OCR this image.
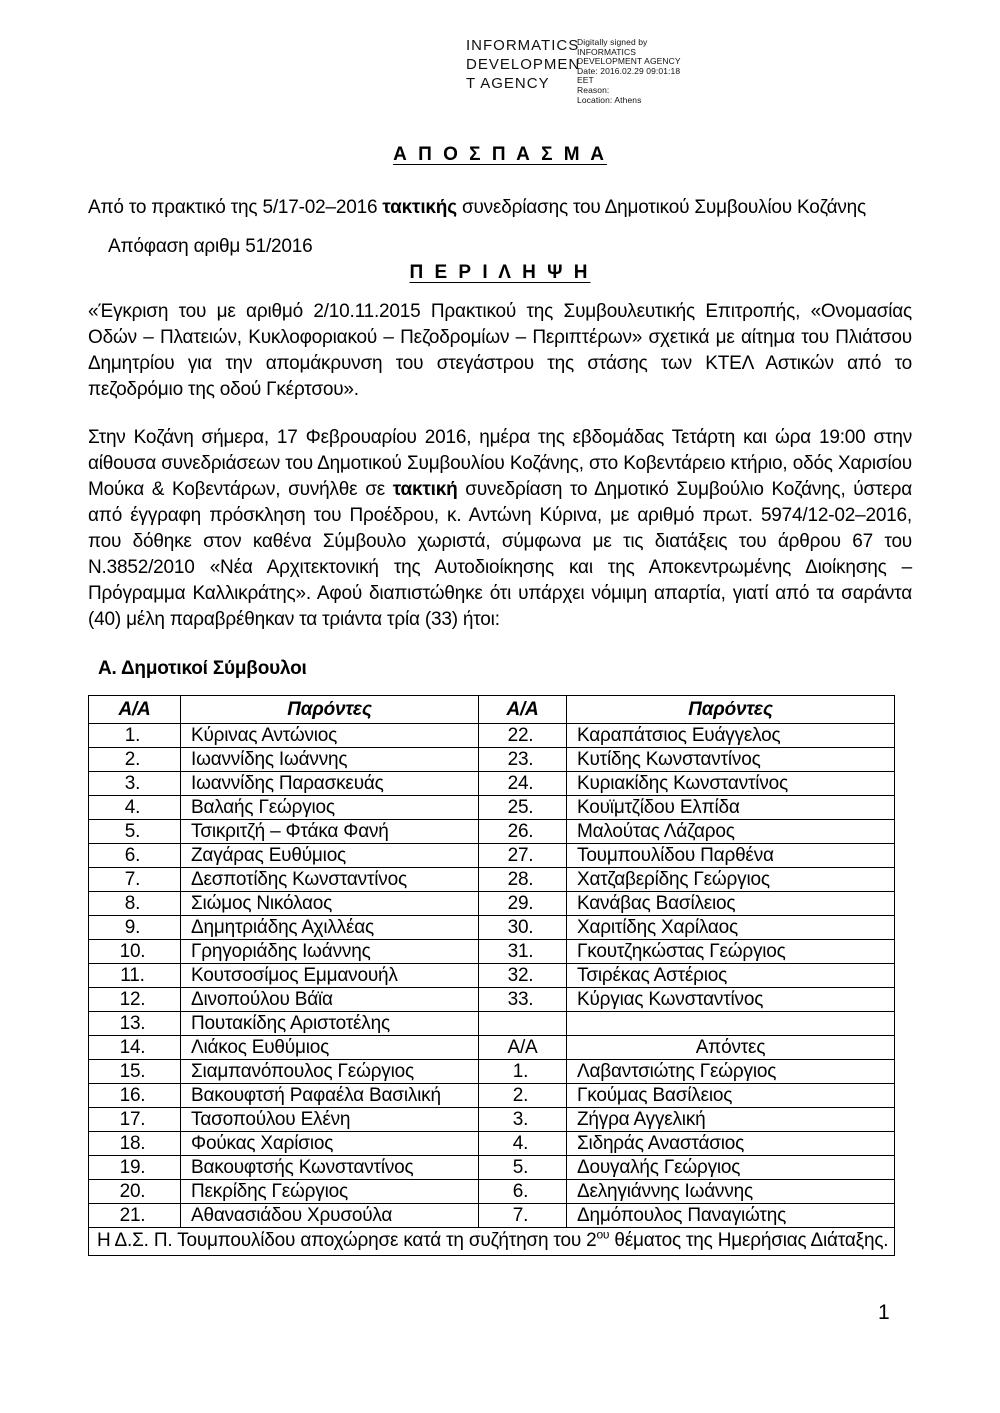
INFORMATICS
DEVELOPMEN
T AGENCY
Digitally signed by
INFORMATICS
DEVELOPMENT AGENCY
Date: 2016.02.29 09:01:18
EET
Reason:
Location: Athens
Α Π Ο Σ Π Α Σ Μ Α

Από το πρακτικό της 5/17-02–2016 τακτικής συνεδρίασης του Δημοτικού Συμβουλίου Κοζάνης

Απόφαση αριθμ 51/2016

Π Ε Ρ Ι Λ Η Ψ Η

«Έγκριση του με αριθμό 2/10.11.2015 Πρακτικού της Συμβουλευτικής Επιτροπής, «Ονομασίας Οδών – Πλατειών, Κυκλοφοριακού – Πεζοδρομίων – Περιπτέρων» σχετικά με αίτημα του Πλιάτσου Δημητρίου για την απομάκρυνση του στεγάστρου της στάσης των ΚΤΕΛ Αστικών από το πεζοδρόμιο της οδού Γκέρτσου».

Στην Κοζάνη σήμερα, 17 Φεβρουαρίου 2016, ημέρα της εβδομάδας Τετάρτη και ώρα 19:00 στην αίθουσα συνεδριάσεων του Δημοτικού Συμβουλίου Κοζάνης, στο Κοβεντάρειο κτήριο, οδός Χαρισίου Μούκα & Κοβεντάρων, συνήλθε σε τακτική συνεδρίαση το Δημοτικό Συμβούλιο Κοζάνης, ύστερα από έγγραφη πρόσκληση του Προέδρου, κ. Αντώνη Κύρινα, με αριθμό πρωτ. 5974/12-02–2016, που δόθηκε στον καθένα Σύμβουλο χωριστά, σύμφωνα με τις διατάξεις του άρθρου 67 του Ν.3852/2010 «Νέα Αρχιτεκτονική της Αυτοδιοίκησης και της Αποκεντρωμένης Διοίκησης – Πρόγραμμα Καλλικράτης». Αφού διαπιστώθηκε ότι υπάρχει νόμιμη απαρτία, γιατί από τα σαράντα (40) μέλη παραβρέθηκαν τα τριάντα τρία (33) ήτοι:

Α. Δημοτικοί Σύμβουλοι
Α/Α	Παρόντες	Α/Α	Παρόντες
1.	Κύρινας Αντώνιος	22.	Καραπάτσιος Ευάγγελος
2.	Ιωαννίδης Ιωάννης	23.	Κυτίδης Κωνσταντίνος
3.	Ιωαννίδης Παρασκευάς	24.	Κυριακίδης Κωνσταντίνος
4.	Βαλαής Γεώργιος	25.	Κουϊμτζίδου Ελπίδα
5.	Τσικριτζή – Φτάκα Φανή	26.	Μαλούτας Λάζαρος
6.	Ζαγάρας Ευθύμιος	27.	Τουμπουλίδου Παρθένα
7.	Δεσποτίδης Κωνσταντίνος	28.	Χατζαβερίδης Γεώργιος
8.	Σιώμος Νικόλαος	29.	Κανάβας Βασίλειος
9.	Δημητριάδης Αχιλλέας	30.	Χαριτίδης Χαρίλαος
10.	Γρηγοριάδης Ιωάννης	31.	Γκουτζηκώστας Γεώργιος
11.	Κουτσοσίμος Εμμανουήλ	32.	Τσιρέκας Αστέριος
12.	Δινοπούλου Βάϊα	33.	Κύργιας Κωνσταντίνος
13.	Πουτακίδης Αριστοτέλης		
14.	Λιάκος Ευθύμιος	Α/Α	Απόντες
15.	Σιαμπανόπουλος Γεώργιος	1.	Λαβαντσιώτης Γεώργιος
16.	Βακουφτσή Ραφαέλα Βασιλική	2.	Γκούμας Βασίλειος
17.	Τασοπούλου Ελένη	3.	Ζήγρα Αγγελική
18.	Φούκας Χαρίσιος	4.	Σιδηράς Αναστάσιος
19.	Βακουφτσής Κωνσταντίνος	5.	Δουγαλής Γεώργιος
20.	Πεκρίδης Γεώργιος	6.	Δεληγιάννης Ιωάννης
21.	Αθανασιάδου Χρυσούλα	7.	Δημόπουλος Παναγιώτης
Η Δ.Σ. Π. Τουμπουλίδου αποχώρησε κατά τη συζήτηση του $2^{o\upsilon}$ θέματος της Ημερήσιας Διάταξης.			
1
